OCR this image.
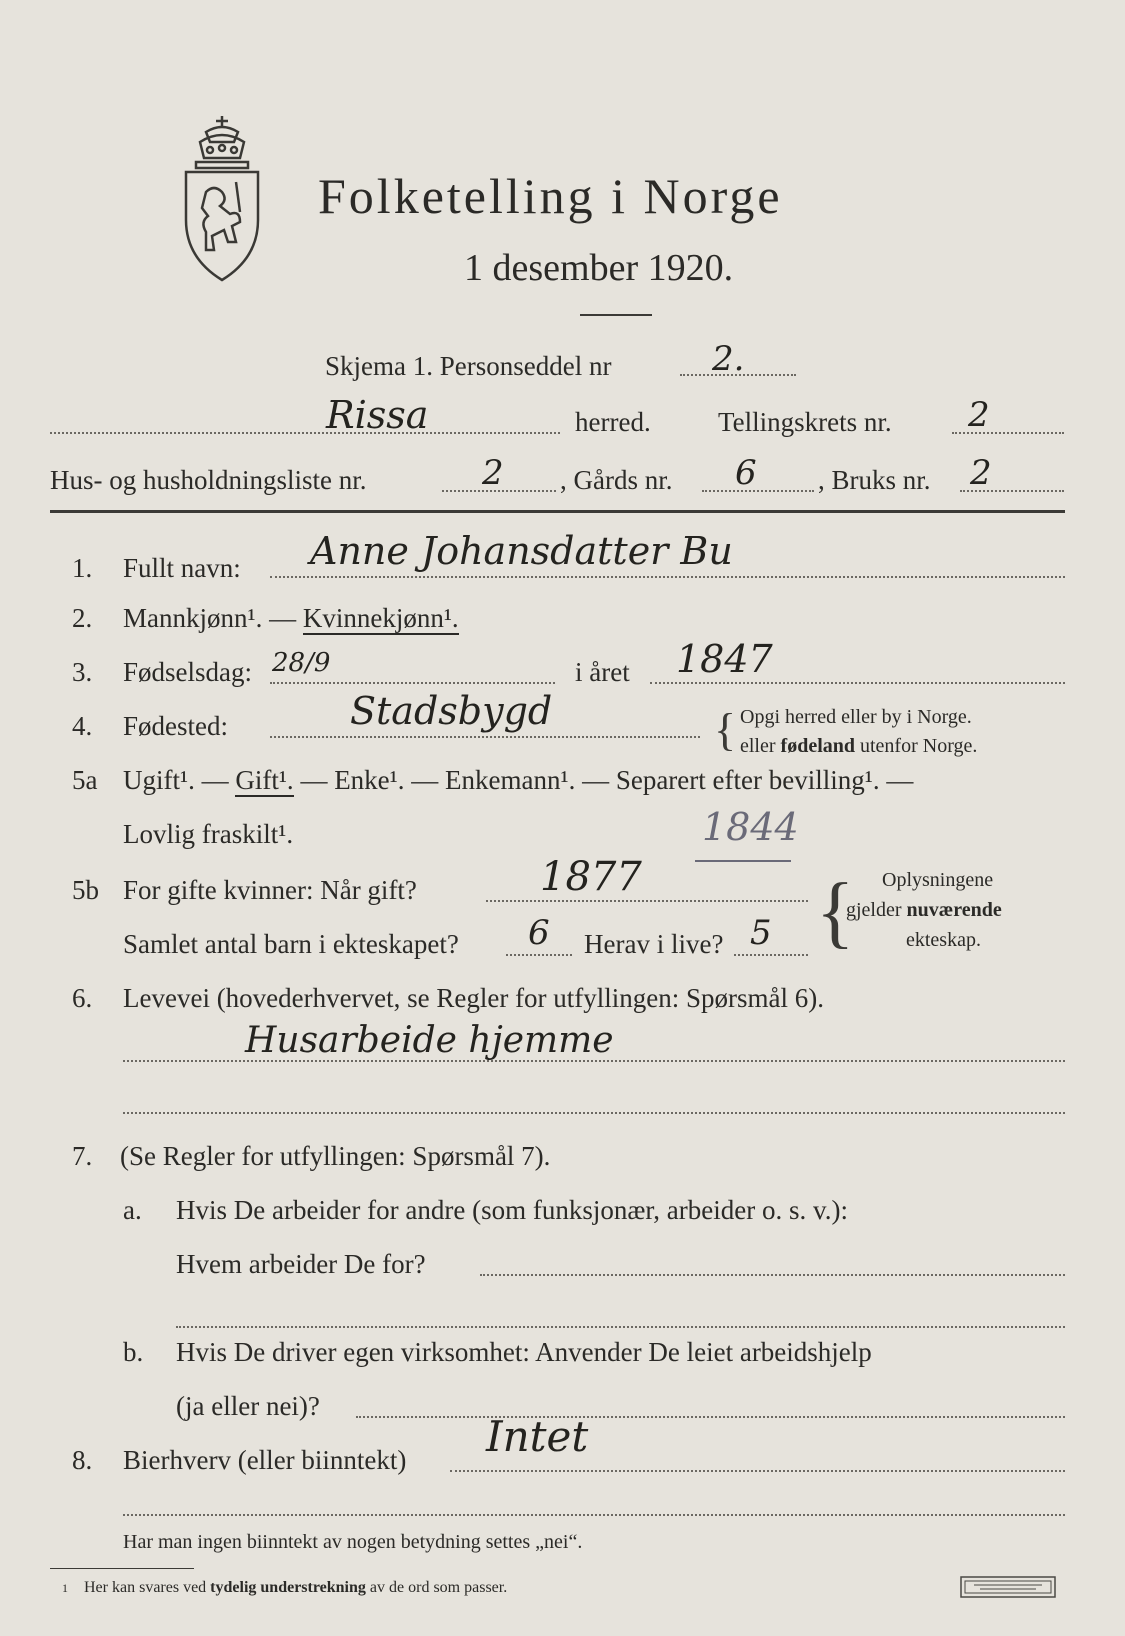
Folketelling i Norge
1 desember 1920.
Skjema 1. Personseddel nr	2.
Rissa	herred. Tellingskrets nr. 2
Hus- og husholdningsliste nr.	2 , Gårds nr. 6 , Bruks nr. 2
1. Fullt navn: Anne Johansdatter Bu
2. Mannkjønn¹. — Kvinnekjønn¹.
3. Fødselsdag: 28/9	i året 1847
4. Fødested:	Stadsbygd	{ Opgi herred eller by i Norge.
eller fødeland utenfor Norge.
5a Ugift¹. — Gift¹. — Enke¹. — Enkemann¹. — Separert efter bevilling¹. —
Lovlig fraskilt¹.	1844
5b For gifte kvinner: Når gift?	1877
Samlet antal barn i ekteskapet? 6 Herav i live? 5 { Oplysningene
gjelder nuværende
ekteskap.
6. Levevei (hovederhvervet, se Regler for utfyllingen: Spørsmål 6).
Husarbeide hjemme
7. (Se Regler for utfyllingen: Spørsmål 7).
a. Hvis De arbeider for andre (som funksjonær, arbeider o. s. v.):
Hvem arbeider De for?
b. Hvis De driver egen virksomhet: Anvender De leiet arbeidshjelp
(ja eller nei)?
8. Bierhverv (eller biinntekt) Intet
Har man ingen biinntekt av nogen betydning settes „nei“.
$^1$ Her kan svares ved tydelig understrekning av de ord som passer.
